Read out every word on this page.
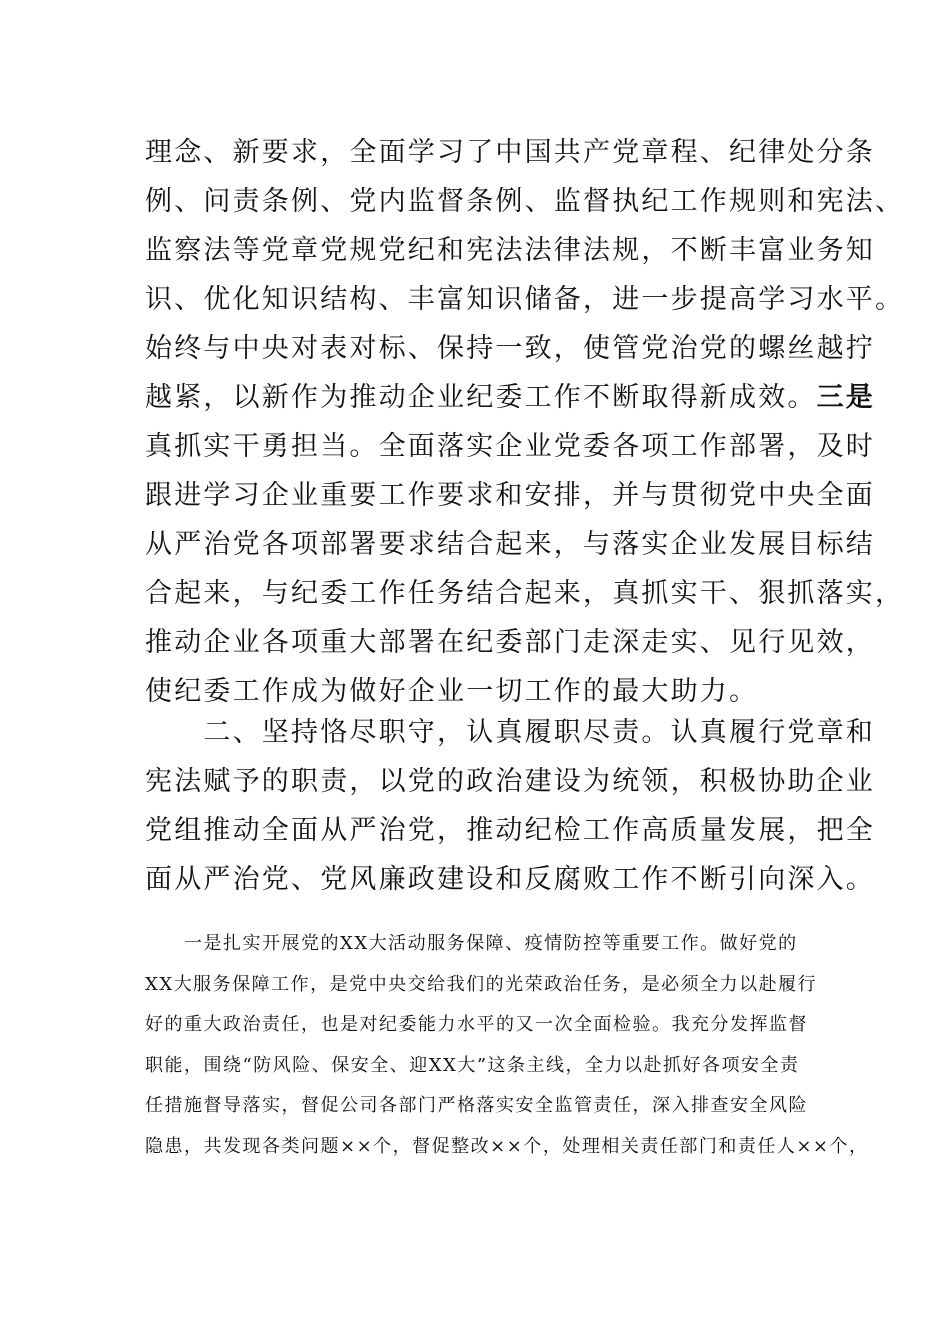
理念、新要求，全面学习了中国共产党章程、纪律处分条
例、问责条例、党内监督条例、监督执纪工作规则和宪法、
监察法等党章党规党纪和宪法法律法规，不断丰富业务知
识、优化知识结构、丰富知识储备，进一步提高学习水平。
始终与中央对表对标、保持一致，使管党治党的螺丝越拧
越紧，以新作为推动企业纪委工作不断取得新成效。三是
真抓实干勇担当。全面落实企业党委各项工作部署，及时
跟进学习企业重要工作要求和安排，并与贯彻党中央全面
从严治党各项部署要求结合起来，与落实企业发展目标结
合起来，与纪委工作任务结合起来，真抓实干、狠抓落实，
推动企业各项重大部署在纪委部门走深走实、见行见效，
使纪委工作成为做好企业一切工作的最大助力。
　　二、坚持恪尽职守，认真履职尽责。认真履行党章和
宪法赋予的职责，以党的政治建设为统领，积极协助企业
党组推动全面从严治党，推动纪检工作高质量发展，把全
面从严治党、党风廉政建设和反腐败工作不断引向深入。
　　一是扎实开展党的XX大活动服务保障、疫情防控等重要工作。做好党的
XX大服务保障工作，是党中央交给我们的光荣政治任务，是必须全力以赴履行
好的重大政治责任，也是对纪委能力水平的又一次全面检验。我充分发挥监督
职能，围绕“防风险、保安全、迎XX大”这条主线，全力以赴抓好各项安全责
任措施督导落实，督促公司各部门严格落实安全监管责任，深入排查安全风险
隐患，共发现各类问题××个，督促整改××个，处理相关责任部门和责任人××个，
